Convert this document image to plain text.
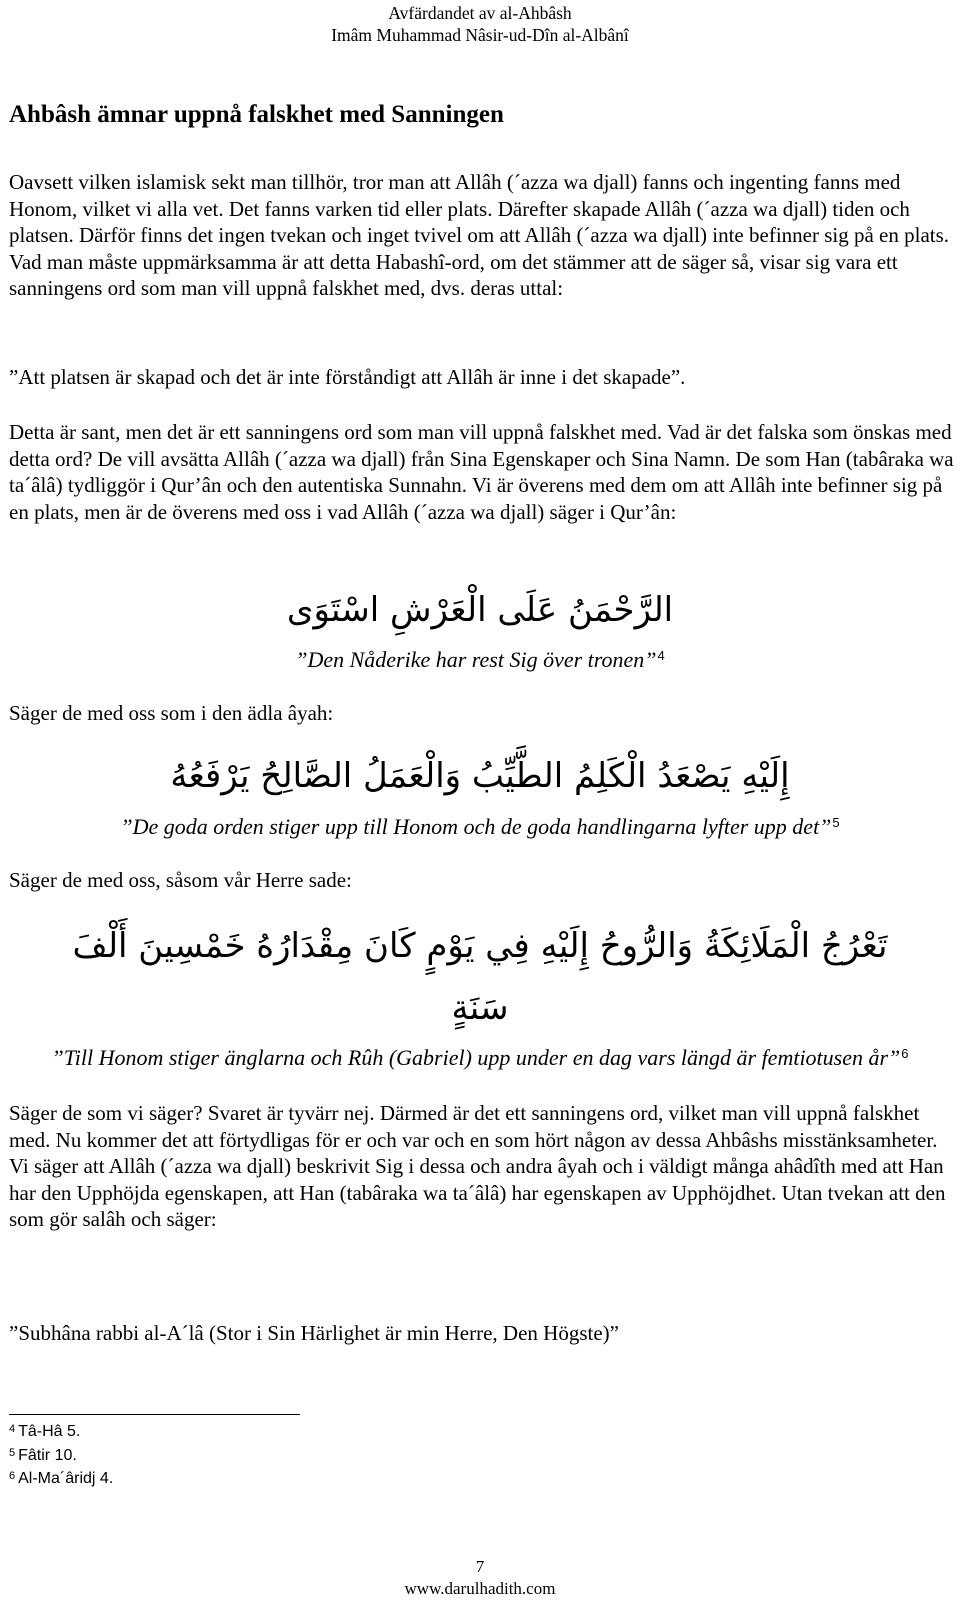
Avfärdandet av al-Ahbâsh
Imâm Muhammad Nâsir-ud-Dîn al-Albânî
Ahbâsh ämnar uppnå falskhet med Sanningen

Oavsett vilken islamisk sekt man tillhör, tror man att Allâh (´azza wa djall) fanns och ingenting fanns med Honom, vilket vi alla vet. Det fanns varken tid eller plats. Därefter skapade Allâh (´azza wa djall) tiden och platsen. Därför finns det ingen tvekan och inget tvivel om att Allâh (´azza wa djall) inte befinner sig på en plats. Vad man måste uppmärksamma är att detta Habashî-ord, om det stämmer att de säger så, visar sig vara ett sanningens ord som man vill uppnå falskhet med, dvs. deras uttal:

”Att platsen är skapad och det är inte förståndigt att Allâh är inne i det skapade”.

Detta är sant, men det är ett sanningens ord som man vill uppnå falskhet med. Vad är det falska som önskas med detta ord? De vill avsätta Allâh (´azza wa djall) från Sina Egenskaper och Sina Namn. De som Han (tabâraka wa ta´âlâ) tydliggör i Qur’ân och den autentiska Sunnahn. Vi är överens med dem om att Allâh inte befinner sig på en plats, men är de överens med oss i vad Allâh (´azza wa djall) säger i Qur’ân:

الرَّحْمَنُ عَلَى الْعَرْشِ اسْتَوَى
”Den Nåderike har rest Sig över tronen”$^4$

Säger de med oss som i den ädla âyah:

إِلَيْهِ يَصْعَدُ الْكَلِمُ الطَّيِّبُ وَالْعَمَلُ الصَّالِحُ يَرْفَعُهُ
”De goda orden stiger upp till Honom och de goda handlingarna lyfter upp det”$^5$

Säger de med oss, såsom vår Herre sade:

تَعْرُجُ الْمَلَائِكَةُ وَالرُّوحُ إِلَيْهِ فِي يَوْمٍ كَانَ مِقْدَارُهُ خَمْسِينَ أَلْفَ
سَنَةٍ
”Till Honom stiger änglarna och Rûh (Gabriel) upp under en dag vars längd är femtiotusen år”$^6$

Säger de som vi säger? Svaret är tyvärr nej. Därmed är det ett sanningens ord, vilket man vill uppnå falskhet med. Nu kommer det att förtydligas för er och var och en som hört någon av dessa Ahbâshs misstänksamheter. Vi säger att Allâh (´azza wa djall) beskrivit Sig i dessa och andra âyah och i väldigt många ahâdîth med att Han har den Upphöjda egenskapen, att Han (tabâraka wa ta´âlâ) har egenskapen av Upphöjdhet. Utan tvekan att den som gör salâh och säger:

”Subhâna rabbi al-A´lâ (Stor i Sin Härlighet är min Herre, Den Högste)”

$^4$ Tâ-Hâ 5.
$^5$ Fâtir 10.
$^6$ Al-Ma´âridj 4.
7
www.darulhadith.com
